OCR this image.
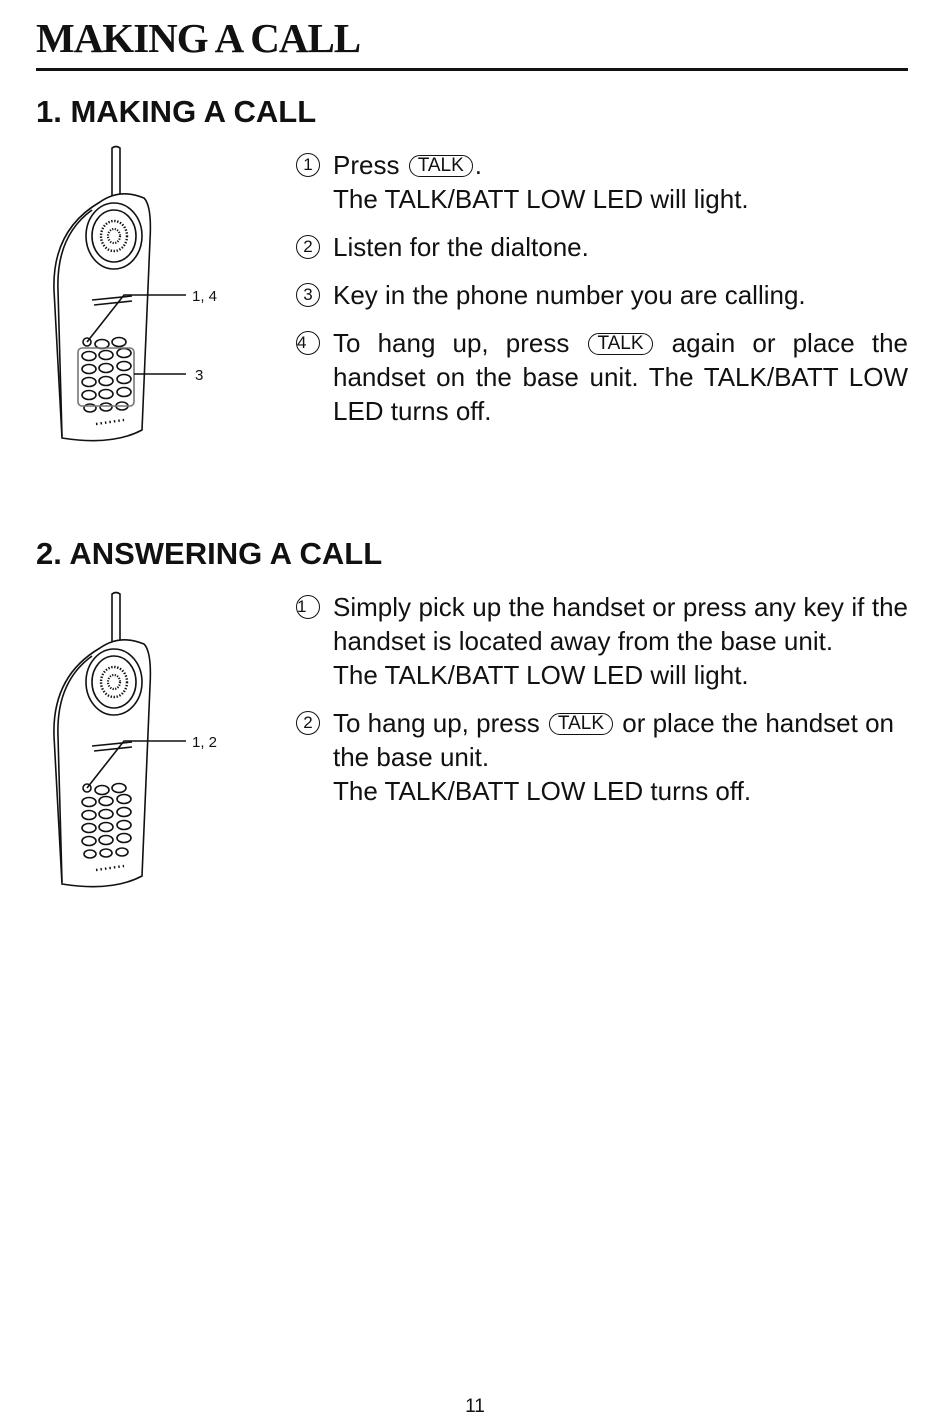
MAKING A CALL
1. MAKING A CALL
1, 4
3
1 Press TALK .
The TALK/BATT LOW LED will light.
2 Listen for the dialtone.
3 Key in the phone number you are calling.
4	To hang up, press TALK again or place the handset on the base unit. The TALK/BATT LOW LED turns off.
2. ANSWERING A CALL
1, 2
1	Simply pick up the handset or press any key if the handset is located away from the base unit.
The TALK/BATT LOW LED will light.
2 To hang up, press TALK or place the handset on the base unit.
The TALK/BATT LOW LED turns off.
11
